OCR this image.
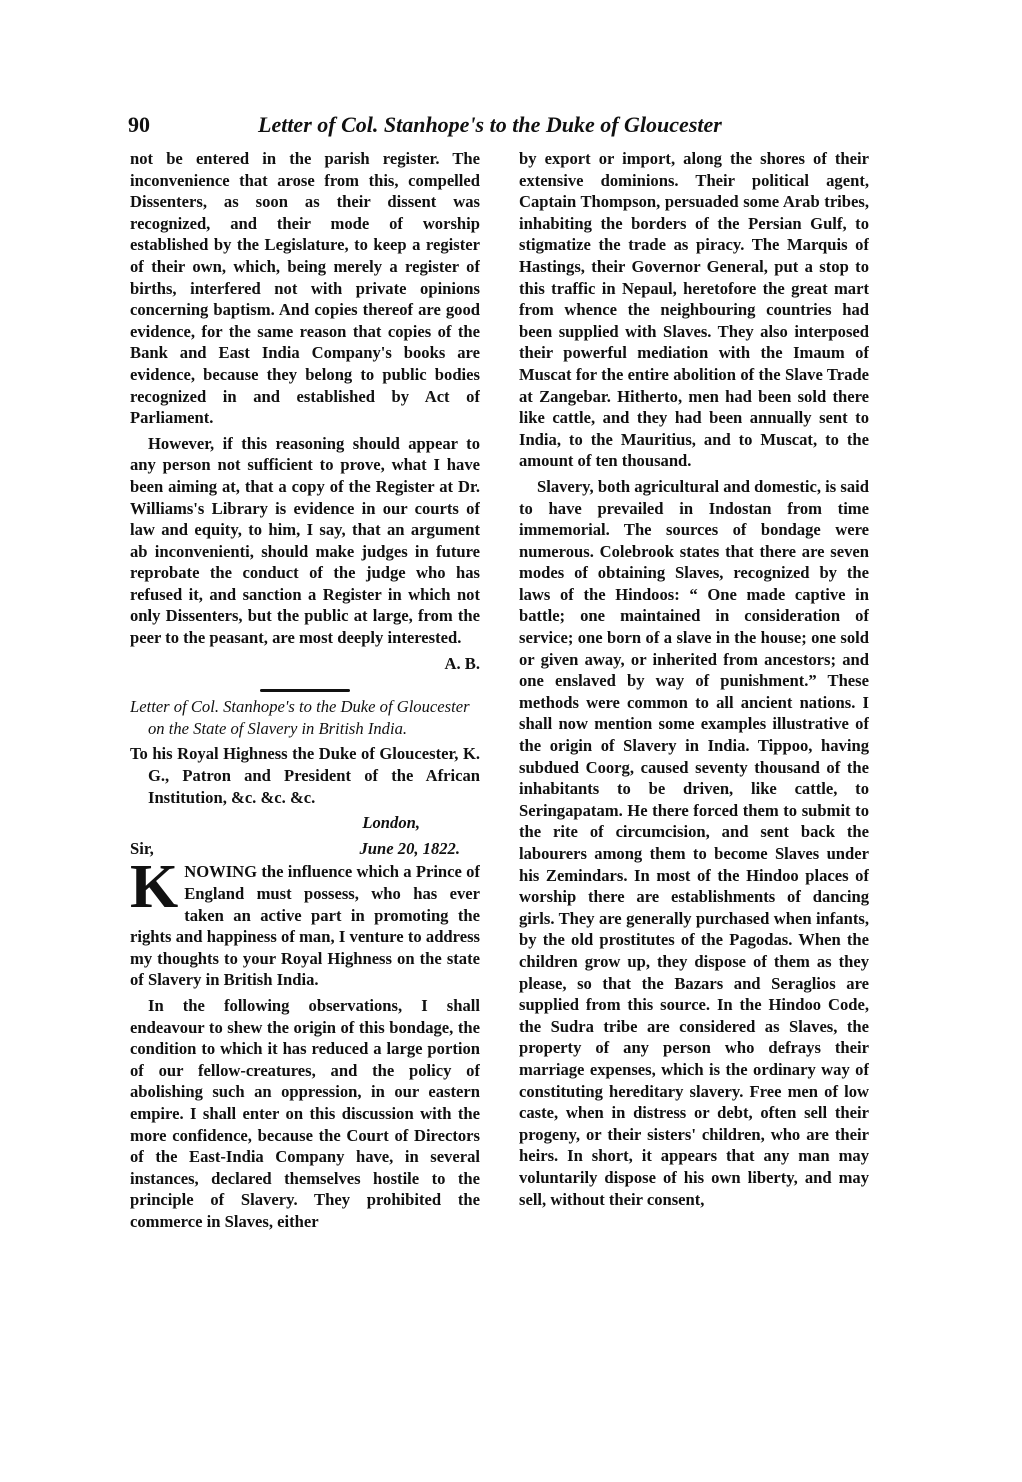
90	Letter of Col. Stanhope's to the Duke of Gloucester

not be entered in the parish register. The inconvenience that arose from this, compelled Dissenters, as soon as their dissent was recognized, and their mode of worship established by the Legislature, to keep a register of their own, which, being merely a register of births, interfered not with private opinions concerning baptism. And copies thereof are good evidence, for the same reason that copies of the Bank and East India Company's books are evidence, because they belong to public bodies recognized in and established by Act of Parliament.

However, if this reasoning should appear to any person not sufficient to prove, what I have been aiming at, that a copy of the Register at Dr. Williams's Library is evidence in our courts of law and equity, to him, I say, that an argument ab inconvenienti, should make judges in future reprobate the conduct of the judge who has refused it, and sanction a Register in which not only Dissenters, but the public at large, from the peer to the peasant, are most deeply interested.

A. B.

Letter of Col. Stanhope's to the Duke of Gloucester on the State of Slavery in British India.

To his Royal Highness the Duke of Gloucester, K. G., Patron and President of the African Institution, &c. &c. &c.

London,

Sir,	June 20, 1822.

KNOWING the influence which a Prince of England must possess, who has ever taken an active part in promoting the rights and happiness of man, I venture to address my thoughts to your Royal Highness on the state of Slavery in British India.

In the following observations, I shall endeavour to shew the origin of this bondage, the condition to which it has reduced a large portion of our fellow-creatures, and the policy of abolishing such an oppression, in our eastern empire. I shall enter on this discussion with the more confidence, because the Court of Directors of the East-India Company have, in several instances, declared themselves hostile to the principle of Slavery. They prohibited the commerce in Slaves, either

by export or import, along the shores of their extensive dominions. Their political agent, Captain Thompson, persuaded some Arab tribes, inhabiting the borders of the Persian Gulf, to stigmatize the trade as piracy. The Marquis of Hastings, their Governor General, put a stop to this traffic in Nepaul, heretofore the great mart from whence the neighbouring countries had been supplied with Slaves. They also interposed their powerful mediation with the Imaum of Muscat for the entire abolition of the Slave Trade at Zangebar. Hitherto, men had been sold there like cattle, and they had been annually sent to India, to the Mauritius, and to Muscat, to the amount of ten thousand.

Slavery, both agricultural and domestic, is said to have prevailed in Indostan from time immemorial. The sources of bondage were numerous. Colebrook states that there are seven modes of obtaining Slaves, recognized by the laws of the Hindoos: “ One made captive in battle; one maintained in consideration of service; one born of a slave in the house; one sold or given away, or inherited from ancestors; and one enslaved by way of punishment.” These methods were common to all ancient nations. I shall now mention some examples illustrative of the origin of Slavery in India. Tippoo, having subdued Coorg, caused seventy thousand of the inhabitants to be driven, like cattle, to Seringapatam. He there forced them to submit to the rite of circumcision, and sent back the labourers among them to become Slaves under his Zemindars. In most of the Hindoo places of worship there are establishments of dancing girls. They are generally purchased when infants, by the old prostitutes of the Pagodas. When the children grow up, they dispose of them as they please, so that the Bazars and Seraglios are supplied from this source. In the Hindoo Code, the Sudra tribe are considered as Slaves, the property of any person who defrays their marriage expenses, which is the ordinary way of constituting hereditary slavery. Free men of low caste, when in distress or debt, often sell their progeny, or their sisters' children, who are their heirs. In short, it appears that any man may voluntarily dispose of his own liberty, and may sell, without their consent,
